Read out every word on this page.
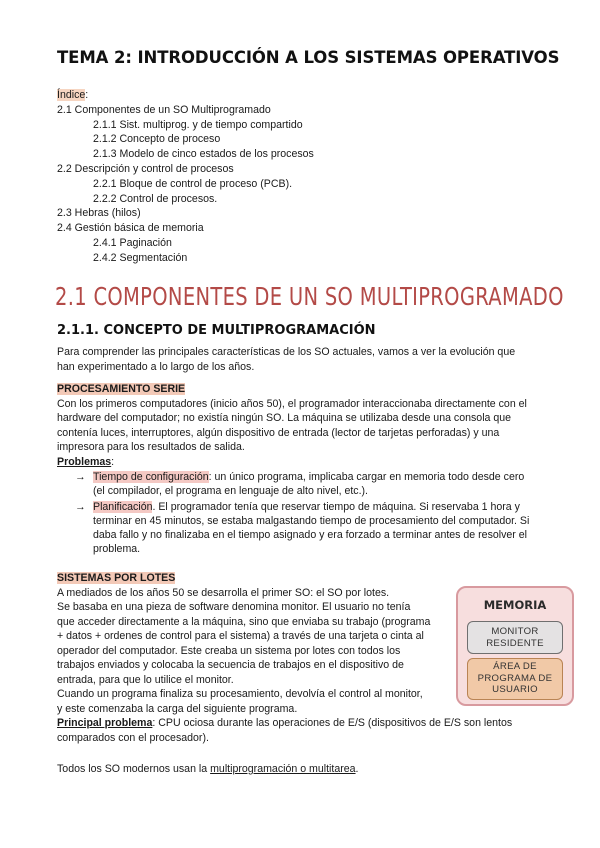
TEMA 2: INTRODUCCIÓN A LOS SISTEMAS OPERATIVOS
Índice:
2.1 Componentes de un SO Multiprogramado
2.1.1 Sist. multiprog. y de tiempo compartido
2.1.2 Concepto de proceso
2.1.3 Modelo de cinco estados de los procesos
2.2 Descripción y control de procesos
2.2.1 Bloque de control de proceso (PCB).
2.2.2 Control de procesos.
2.3 Hebras (hilos)
2.4 Gestión básica de memoria
2.4.1 Paginación
2.4.2 Segmentación
2.1 COMPONENTES DE UN SO MULTIPROGRAMADO
2.1.1. CONCEPTO DE MULTIPROGRAMACIÓN
Para comprender las principales características de los SO actuales, vamos a ver la evolución que
han experimentado a lo largo de los años.
PROCESAMIENTO SERIE
Con los primeros computadores (inicio años 50), el programador interaccionaba directamente con el
hardware del computador; no existía ningún SO. La máquina se utilizaba desde una consola que
contenía luces, interruptores, algún dispositivo de entrada (lector de tarjetas perforadas) y una
impresora para los resultados de salida.
Problemas:
→ Tiempo de configuración: un único programa, implicaba cargar en memoria todo desde cero
(el compilador, el programa en lenguaje de alto nivel, etc.).
→ Planificación. El programador tenía que reservar tiempo de máquina. Si reservaba 1 hora y
terminar en 45 minutos, se estaba malgastando tiempo de procesamiento del computador. Si
daba fallo y no finalizaba en el tiempo asignado y era forzado a terminar antes de resolver el
problema.
SISTEMAS POR LOTES
A mediados de los años 50 se desarrolla el primer SO: el SO por lotes.
Se basaba en una pieza de software denomina monitor. El usuario no tenía
que acceder directamente a la máquina, sino que enviaba su trabajo (programa
+ datos + ordenes de control para el sistema) a través de una tarjeta o cinta al
operador del computador. Este creaba un sistema por lotes con todos los
trabajos enviados y colocaba la secuencia de trabajos en el dispositivo de
entrada, para que lo utilice el monitor.
Cuando un programa finaliza su procesamiento, devolvía el control al monitor,
y este comenzaba la carga del siguiente programa.
Principal problema: CPU ociosa durante las operaciones de E/S (dispositivos de E/S son lentos
comparados con el procesador).
Todos los SO modernos usan la multiprogramación o multitarea.
MEMORIA
MONITOR
RESIDENTE
ÁREA DE
PROGRAMA DE
USUARIO
